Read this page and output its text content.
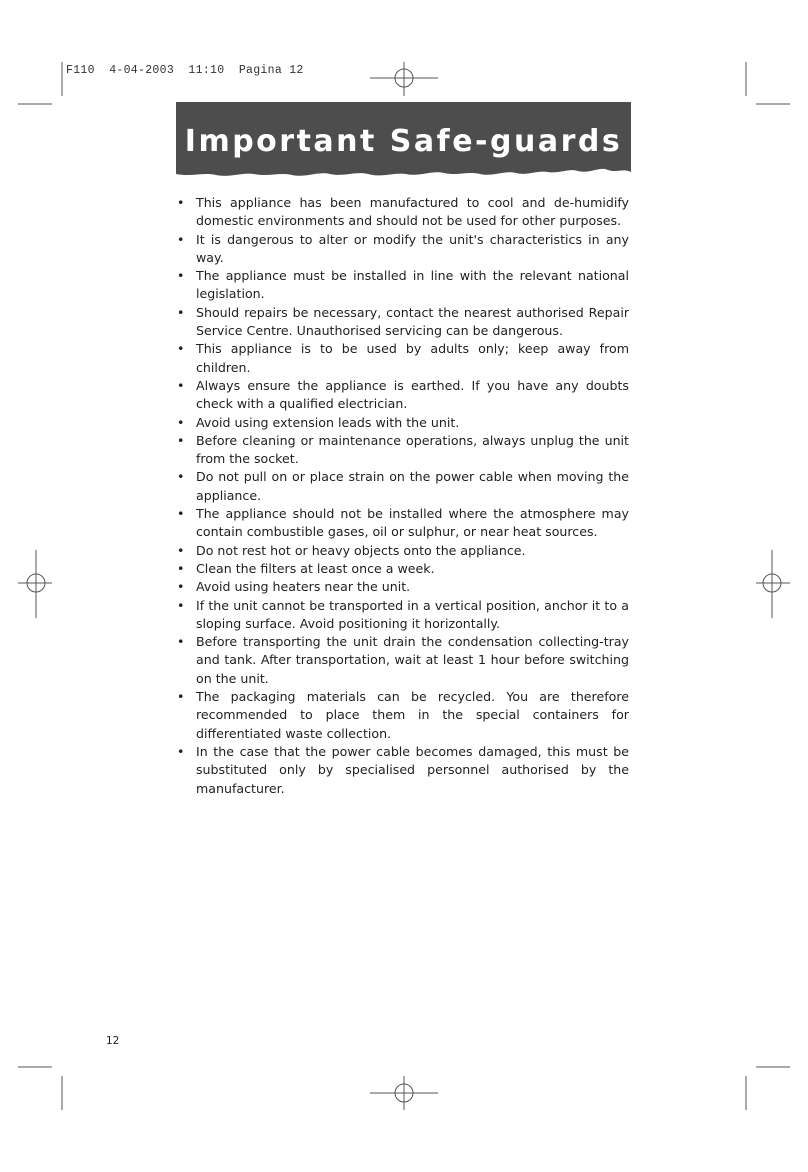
F110  4-04-2003  11:10  Pagina 12
Important Safe-guards
• This appliance has been manufactured to cool and de-humidify domestic environments and should not be used for other purposes.
• It is dangerous to alter or modify the unit's characteristics in any way.
• The appliance must be installed in line with the relevant national legislation.
• Should repairs be necessary, contact the nearest authorised Repair Service Centre. Unauthorised servicing can be dangerous.
• This appliance is to be used by adults only; keep away from children.
• Always ensure the appliance is earthed. If you have any doubts check with a qualified electrician.
• Avoid using extension leads with the unit.
• Before cleaning or maintenance operations, always unplug the unit from the socket.
• Do not pull on or place strain on the power cable when moving the appliance.
• The appliance should not be installed where the atmosphere may contain combustible gases, oil or sulphur, or near heat sources.
• Do not rest hot or heavy objects onto the appliance.
• Clean the filters at least once a week.
• Avoid using heaters near the unit.
• If the unit cannot be transported in a vertical position, anchor it to a sloping surface. Avoid positioning it horizontally.
• Before transporting the unit drain the condensation collecting-tray and tank. After transportation, wait at least 1 hour before switching on the unit.
• The packaging materials can be recycled. You are therefore recommended to place them in the special containers for differentiated waste collection.
• In the case that the power cable becomes damaged, this must be substituted only by specialised personnel authorised by the manufacturer.
12
